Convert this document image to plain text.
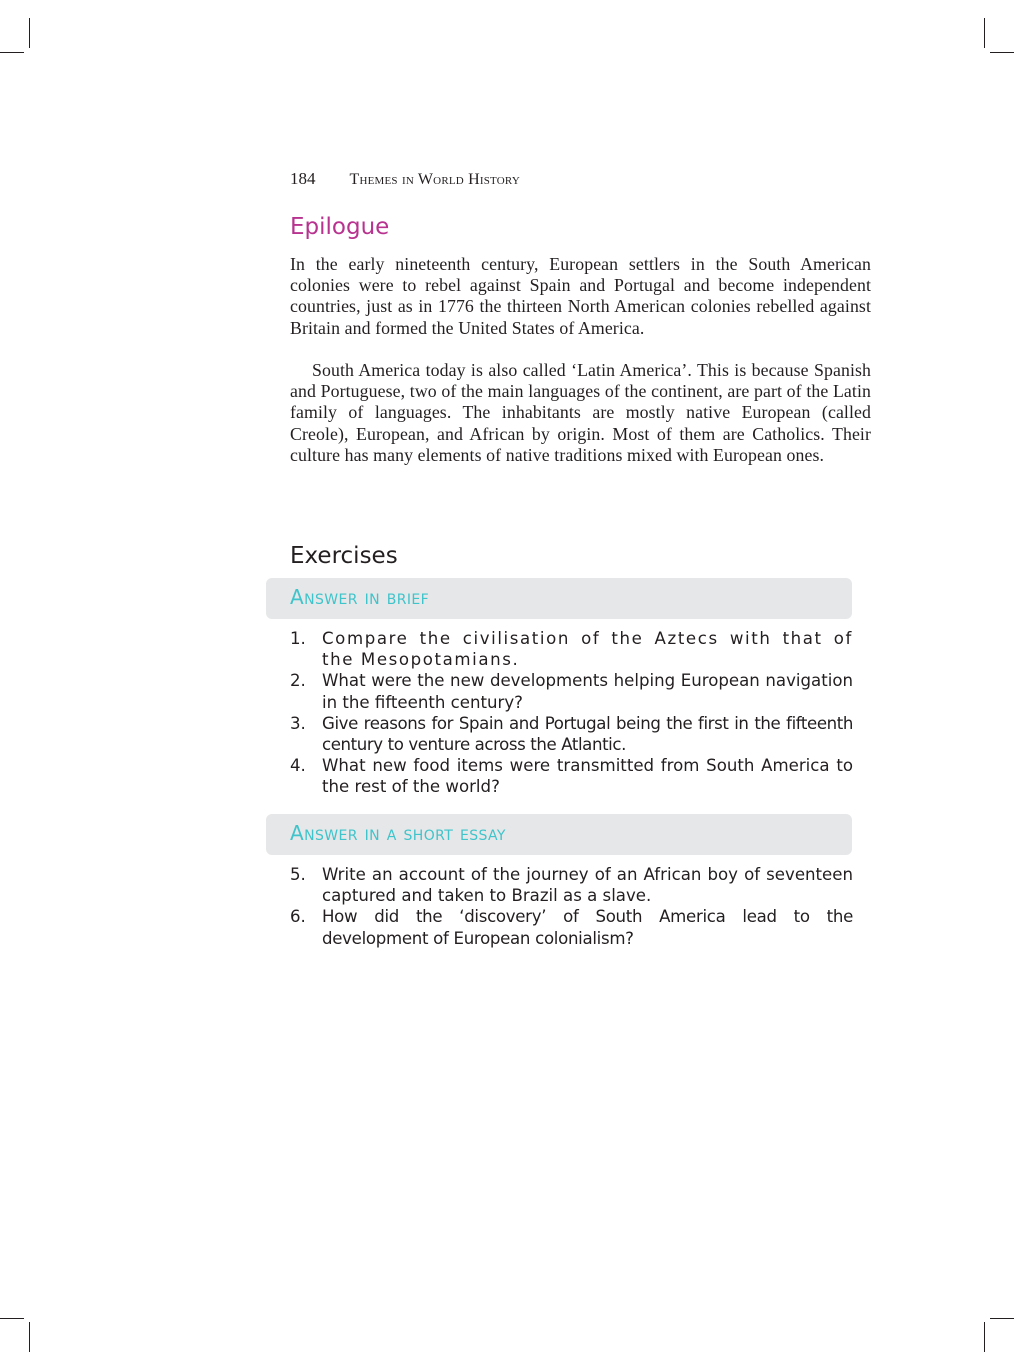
184 Themes in World History
Epilogue

In the early nineteenth century, European settlers in the South American colonies were to rebel against Spain and Portugal and become independent countries, just as in 1776 the thirteen North American colonies rebelled against Britain and formed the United States of America.

South America today is also called ‘Latin America’. This is because Spanish and Portuguese, two of the main languages of the continent, are part of the Latin family of languages. The inhabitants are mostly native European (called Creole), European, and African by origin. Most of them are Catholics. Their culture has many elements of native traditions mixed with European ones.

Exercises
Answer in brief
1. Compare the civilisation of the Aztecs with that of the Mesopotamians.
2. What were the new developments helping European navigation in the fifteenth century?
3. Give reasons for Spain and Portugal being the first in the fifteenth century to venture across the Atlantic.
4. What new food items were transmitted from South America to the rest of the world?
Answer in a short essay
5. Write an account of the journey of an African boy of seventeen captured and taken to Brazil as a slave.
6. How did the ‘discovery’ of South America lead to the development of European colonialism?
